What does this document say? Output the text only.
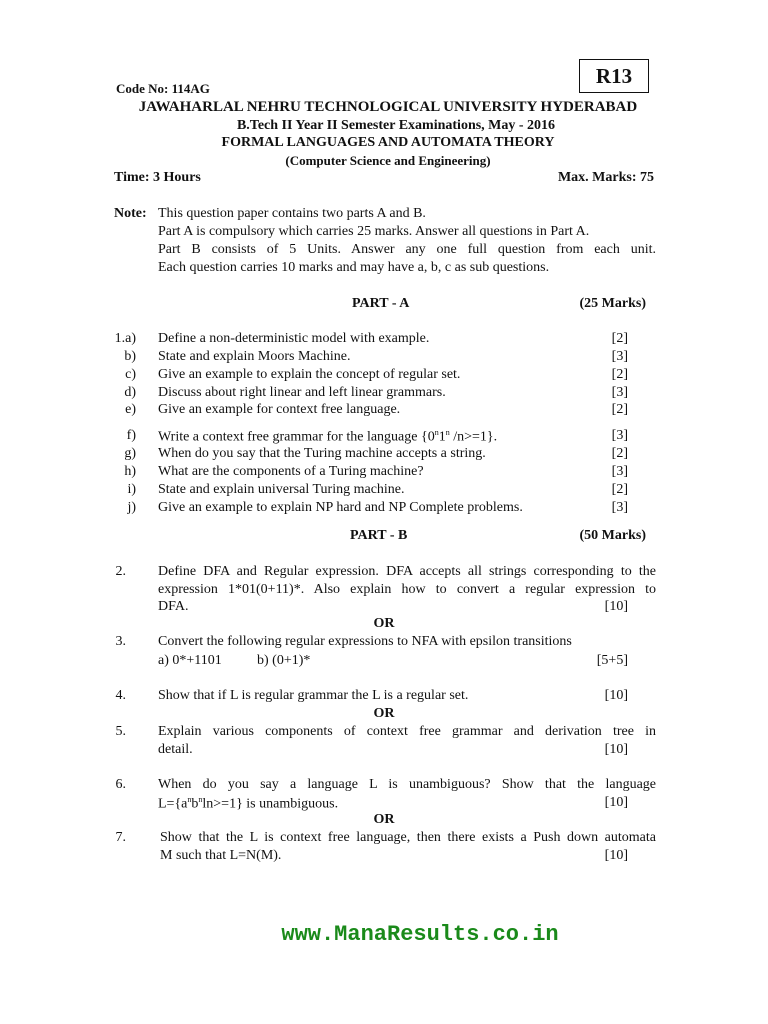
Code No: 114AG
R13
JAWAHARLAL NEHRU TECHNOLOGICAL UNIVERSITY HYDERABAD
B.Tech II Year II Semester Examinations, May - 2016
FORMAL LANGUAGES AND AUTOMATA THEORY
(Computer Science and Engineering)
Time: 3 Hours	Max. Marks: 75
Note: This question paper contains two parts A and B.
Part A is compulsory which carries 25 marks. Answer all questions in Part A.
Part B consists of 5 Units. Answer any one full question from each unit.
Each question carries 10 marks and may have a, b, c as sub questions.
PART - A	(25 Marks)
1.a) Define a non-deterministic model with example.	[2]
b) State and explain Moors Machine.	[3]
c) Give an example to explain the concept of regular set.	[2]
d) Discuss about right linear and left linear grammars.	[3]
e) Give an example for context free language.	[2]
f) Write a context free grammar for the language {0$^n$1$^n$ /n>=1}.	[3]
g) When do you say that the Turing machine accepts a string.	[2]
h) What are the components of a Turing machine?	[3]
i) State and explain universal Turing machine.	[2]
j) Give an example to explain NP hard and NP Complete problems.	[3]
PART - B	(50 Marks)
2. Define DFA and Regular expression. DFA accepts all strings corresponding to the
expression 1*01(0+11)*. Also explain how to convert a regular expression to
DFA.	[10]
OR
3. Convert the following regular expressions to NFA with epsilon transitions
a) 0*+1101	b) (0+1)*	[5+5]
4. Show that if L is regular grammar the L is a regular set.	[10]
OR
5. Explain various components of context free grammar and derivation tree in
detail.	[10]
6. When do you say a language L is unambiguous? Show that the language
$L=\{a^nb^n\ln>=1\}$ is unambiguous.	[10]
OR
7. Show that the L is context free language, then there exists a Push down automata
M such that L=N(M).	[10]
www.ManaResults.co.in
